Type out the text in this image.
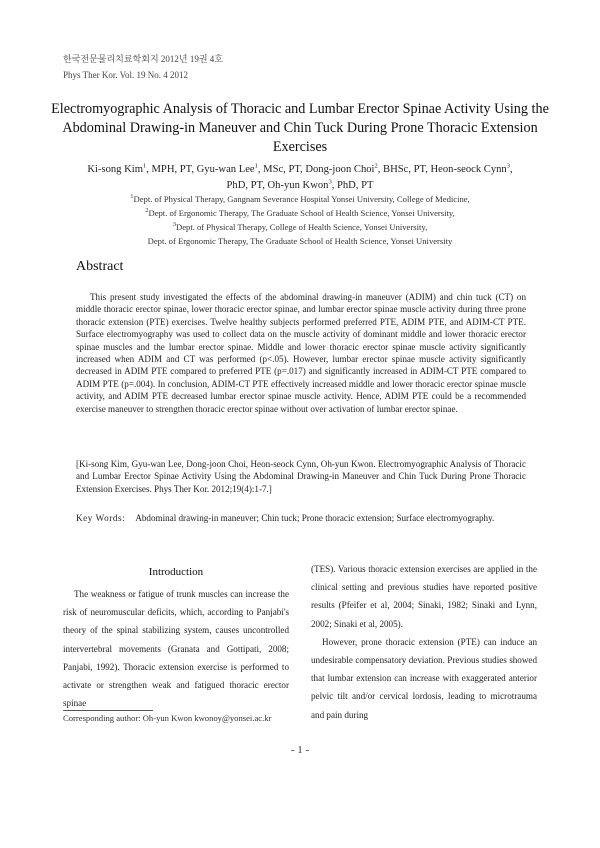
한국전문물리치료학회지 2012년 19권 4호
Phys Ther Kor. Vol. 19 No. 4 2012
Electromyographic Analysis of Thoracic and Lumbar Erector Spinae Activity Using the Abdominal Drawing-in Maneuver and Chin Tuck During Prone Thoracic Extension Exercises
Ki-song Kim$^1$, MPH, PT, Gyu-wan Lee$^1$, MSc, PT, Dong-joon Choi$^2$, BHSc, PT, Heon-seock Cynn$^3$,
PhD, PT, Oh-yun Kwon$^3$, PhD, PT
$^1$Dept. of Physical Therapy, Gangnam Severance Hospital Yonsei University, College of Medicine,
$^2$Dept. of Ergonomic Therapy, The Graduate School of Health Science, Yonsei University,
$^3$Dept. of Physical Therapy, College of Health Science, Yonsei University,
Dept. of Ergonomic Therapy, The Graduate School of Health Science, Yonsei University
Abstract

This present study investigated the effects of the abdominal drawing-in maneuver (ADIM) and chin tuck (CT) on middle thoracic erector spinae, lower thoracic erector spinae, and lumbar erector spinae muscle activity during three prone thoracic extension (PTE) exercises. Twelve healthy subjects performed preferred PTE, ADIM PTE, and ADIM-CT PTE. Surface electromyography was used to collect data on the muscle activity of dominant middle and lower thoracic erector spinae muscles and the lumbar erector spinae. Middle and lower thoracic erector spinae muscle activity significantly increased when ADIM and CT was performed (p<.05). However, lumbar erector spinae muscle activity significantly decreased in ADIM PTE compared to preferred PTE (p=.017) and significantly increased in ADIM-CT PTE compared to ADIM PTE (p=.004). In conclusion, ADIM-CT PTE effectively increased middle and lower thoracic erector spinae muscle activity, and ADIM PTE decreased lumbar erector spinae muscle activity. Hence, ADIM PTE could be a recommended exercise maneuver to strengthen thoracic erector spinae without over activation of lumbar erector spinae.

[Ki-song Kim, Gyu-wan Lee, Dong-joon Choi, Heon-seock Cynn, Oh-yun Kwon. Electromyographic Analysis of Thoracic and Lumbar Erector Spinae Activity Using the Abdominal Drawing-in Maneuver and Chin Tuck During Prone Thoracic Extension Exercises. Phys Ther Kor. 2012;19(4):1-7.]

Key Words: Abdominal drawing-in maneuver; Chin tuck; Prone thoracic extension; Surface electromyography.
Introduction

The weakness or fatigue of trunk muscles can increase the risk of neuromuscular deficits, which, according to Panjabi's theory of the spinal stabilizing system, causes uncontrolled intervertebral movements (Granata and Gottipati, 2008; Panjabi, 1992). Thoracic extension exercise is performed to activate or strengthen weak and fatigued thoracic erector spinae

(TES). Various thoracic extension exercises are applied in the clinical setting and previous studies have reported positive results (Pfeifer et al, 2004; Sinaki, 1982; Sinaki and Lynn, 2002; Sinaki et al, 2005).

However, prone thoracic extension (PTE) can induce an undesirable compensatory deviation. Previous studies showed that lumbar extension can increase with exaggerated anterior pelvic tilt and/or cervical lordosis, leading to microtrauma and pain during

Corresponding author: Oh-yun Kwon kwonoy@yonsei.ac.kr
- 1 -
